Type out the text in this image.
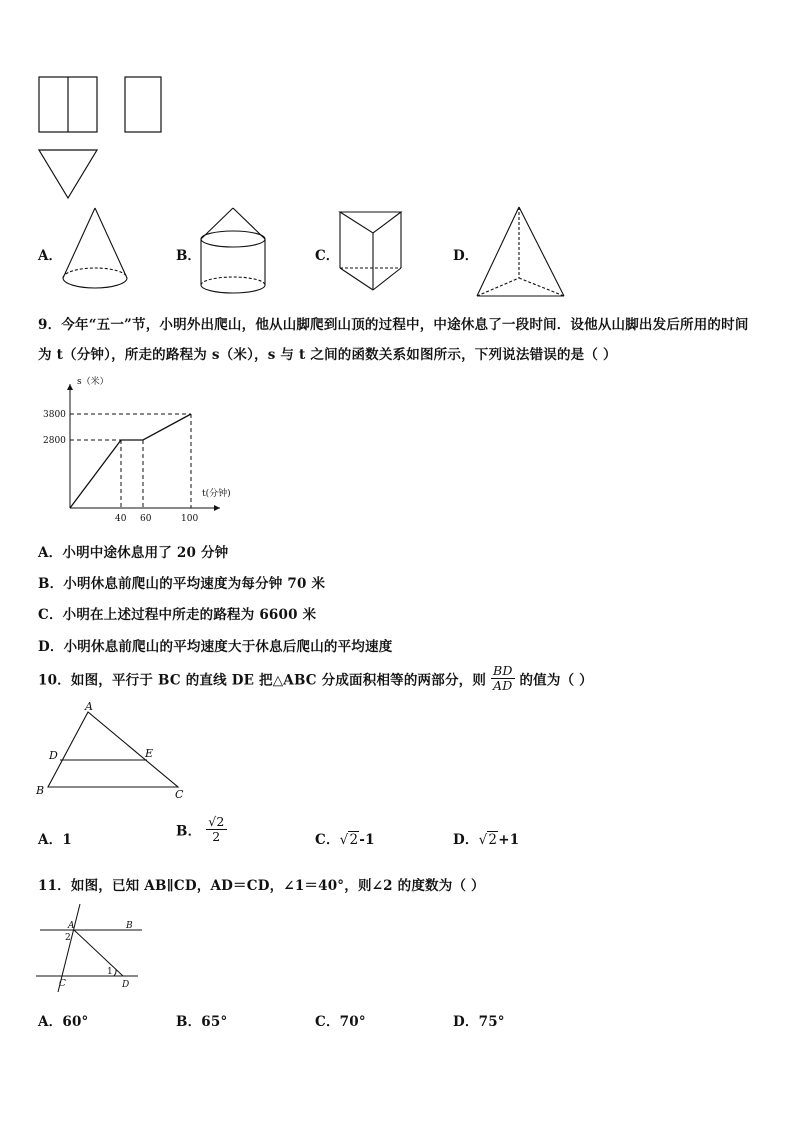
A．	B．	C．	D．
9．今年“五一”节，小明外出爬山，他从山脚爬到山顶的过程中，中途休息了一段时间．设他从山脚出发后所用的时间
为 t（分钟），所走的路程为 s（米），s 与 t 之间的函数关系如图所示，下列说法错误的是（ ）
s（米）
t(分钟)
3800
2800
40 60	100
A．小明中途休息用了 20 分钟
B．小明休息前爬山的平均速度为每分钟 70 米
C．小明在上述过程中所走的路程为 6600 米
D．小明休息前爬山的平均速度大于休息后爬山的平均速度
10．如图，平行于 BC 的直线 DE 把△ABC 分成面积相等的两部分，则 $\frac{BD}{AD}$ 的值为（ ）
A
D	E
B	C
A．1
B． $\frac{√2}{2}$	C．√2-1	D．√2+1
11．如图，已知 AB∥CD，AD＝CD，∠1＝40°，则∠2 的度数为（ ）
A	B
C	D
1
2
A．60°	B．65°	C．70°	D．75°
